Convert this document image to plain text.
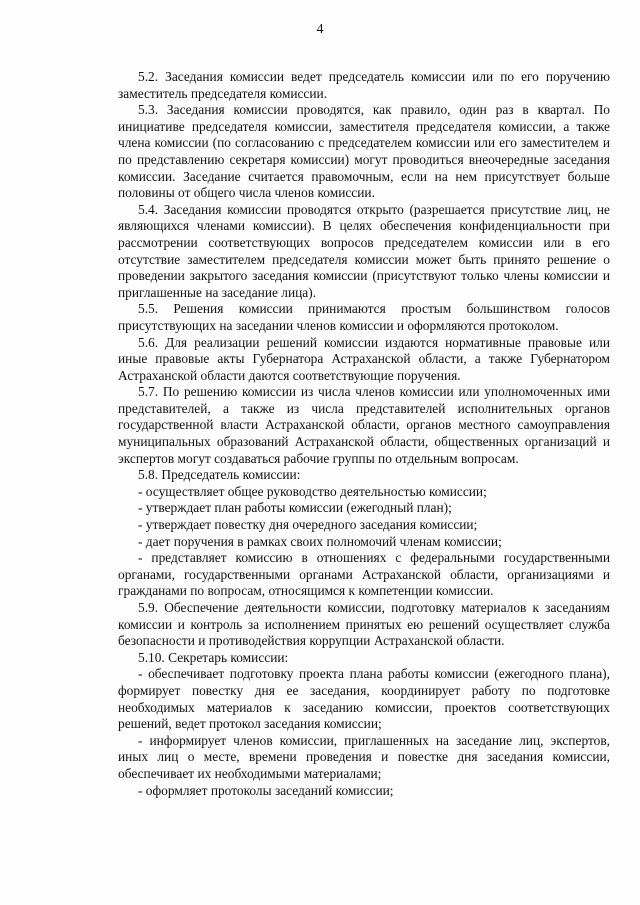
4

5.2. Заседания комиссии ведет председатель комиссии или по его поручению заместитель председателя комиссии.

5.3. Заседания комиссии проводятся, как правило, один раз в квартал. По инициативе председателя комиссии, заместителя председателя комиссии, а также члена комиссии (по согласованию с председателем комиссии или его заместителем и по представлению секретаря комиссии) могут проводиться внеочередные заседания комиссии. Заседание считается правомочным, если на нем присутствует больше половины от общего числа членов комиссии.

5.4. Заседания комиссии проводятся открыто (разрешается присутствие лиц, не являющихся членами комиссии). В целях обеспечения конфиденциальности при рассмотрении соответствующих вопросов председателем комиссии или в его отсутствие заместителем председателя комиссии может быть принято решение о проведении закрытого заседания комиссии (присутствуют только члены комиссии и приглашенные на заседание лица).

5.5. Решения комиссии принимаются простым большинством голосов присутствующих на заседании членов комиссии и оформляются протоколом.

5.6. Для реализации решений комиссии издаются нормативные правовые или иные правовые акты Губернатора Астраханской области, а также Губернатором Астраханской области даются соответствующие поручения.

5.7. По решению комиссии из числа членов комиссии или уполномоченных ими представителей, а также из числа представителей исполнительных органов государственной власти Астраханской области, органов местного самоуправления муниципальных образований Астраханской области, общественных организаций и экспертов могут создаваться рабочие группы по отдельным вопросам.

5.8. Председатель комиссии:

- осуществляет общее руководство деятельностью комиссии;

- утверждает план работы комиссии (ежегодный план);

- утверждает повестку дня очередного заседания комиссии;

- дает поручения в рамках своих полномочий членам комиссии;

- представляет комиссию в отношениях с федеральными государственными органами, государственными органами Астраханской области, организациями и гражданами по вопросам, относящимся к компетенции комиссии.

5.9. Обеспечение деятельности комиссии, подготовку материалов к заседаниям комиссии и контроль за исполнением принятых ею решений осуществляет служба безопасности и противодействия коррупции Астраханской области.

5.10. Секретарь комиссии:

- обеспечивает подготовку проекта плана работы комиссии (ежегодного плана), формирует повестку дня ее заседания, координирует работу по подготовке необходимых материалов к заседанию комиссии, проектов соответствующих решений, ведет протокол заседания комиссии;

- информирует членов комиссии, приглашенных на заседание лиц, экспертов, иных лиц о месте, времени проведения и повестке дня заседания комиссии, обеспечивает их необходимыми материалами;

- оформляет протоколы заседаний комиссии;
